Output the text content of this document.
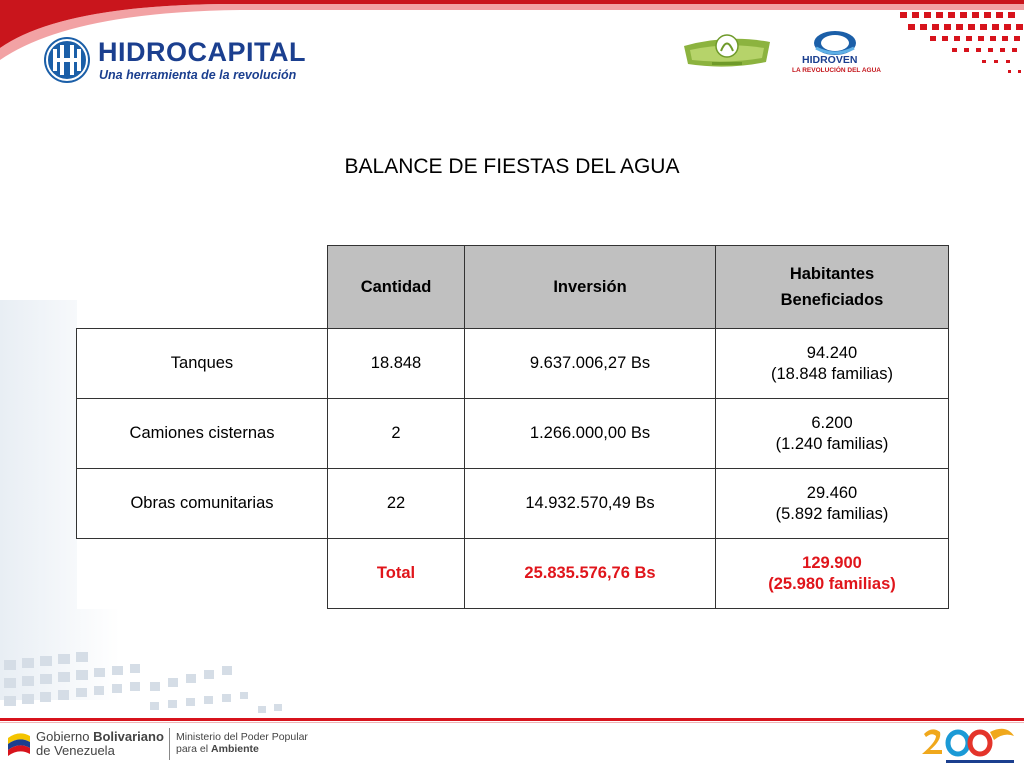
HIDROCAPITAL
Una herramienta de la revolución
HIDROVEN
LA REVOLUCIÓN DEL AGUA
BALANCE DE FIESTAS DEL AGUA
	Cantidad	Inversión	Habitantes Beneficiados
Tanques	18.848	9.637.006,27 Bs	94.240
(18.848 familias)

Camiones cisternas	2	1.266.000,00 Bs	6.200
(1.240 familias)

Obras comunitarias	22	14.932.570,49 Bs	29.460
(5.892 familias)

	Total	25.835.576,76 Bs	129.900
(25.980 familias)
Gobierno Bolivariano
de Venezuela
Ministerio del Poder Popular
para el Ambiente
